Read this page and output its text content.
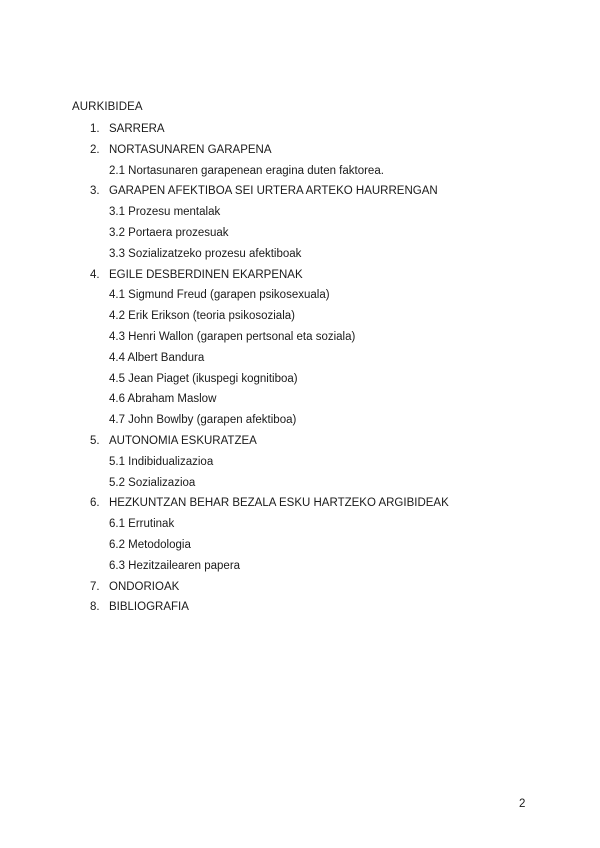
AURKIBIDEA
1. SARRERA
2. NORTASUNAREN GARAPENA
2.1 Nortasunaren garapenean eragina duten faktorea.
3. GARAPEN AFEKTIBOA SEI URTERA ARTEKO HAURRENGAN
3.1 Prozesu mentalak
3.2 Portaera prozesuak
3.3 Sozializatzeko prozesu afektiboak
4. EGILE DESBERDINEN EKARPENAK
4.1 Sigmund Freud (garapen psikosexuala)
4.2 Erik Erikson (teoria psikosoziala)
4.3 Henri Wallon (garapen pertsonal eta soziala)
4.4 Albert Bandura
4.5 Jean Piaget (ikuspegi kognitiboa)
4.6 Abraham Maslow
4.7 John Bowlby (garapen afektiboa)
5. AUTONOMIA ESKURATZEA
5.1 Indibidualizazioa
5.2 Sozializazioa
6. HEZKUNTZAN BEHAR BEZALA ESKU HARTZEKO ARGIBIDEAK
6.1 Errutinak
6.2 Metodologia
6.3 Hezitzailearen papera
7. ONDORIOAK
8. BIBLIOGRAFIA
2
